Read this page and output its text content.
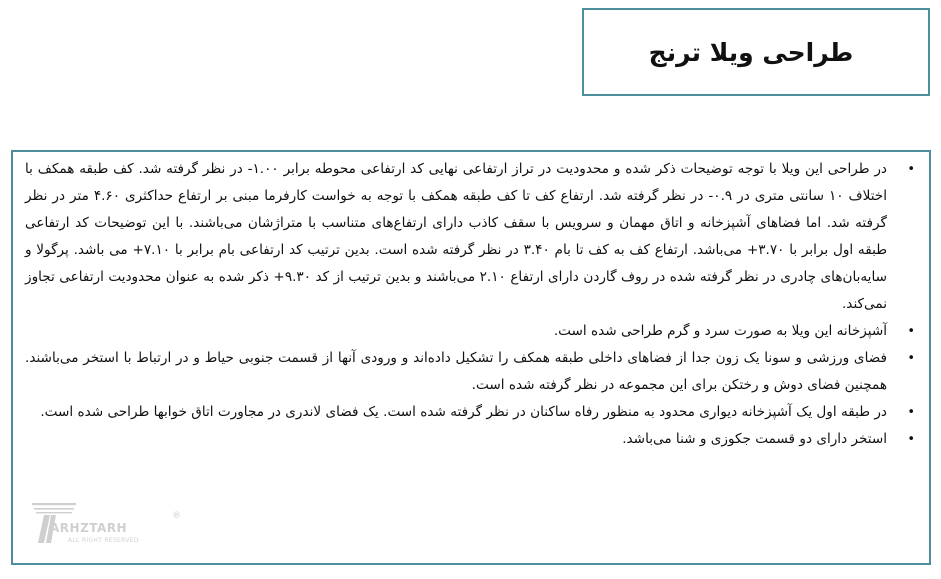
طراحی ویلا ترنج
•
در طراحی این ویلا با توجه توضیحات ذکر شده و محدودیت در تراز ارتفاعی نهایی کد ارتفاعی محوطه برابر ۱.۰۰- در نظر گرفته شد. کف طبقه همکف با اختلاف ۱۰ سانتی متری در ۰.۹- در نظر گرفته شد. ارتفاع کف تا کف طبقه همکف با توجه به خواست کارفرما مبنی بر ارتفاع حداکثری ۴.۶۰ متر در نظر گرفته شد. اما فضاهای آشپزخانه و اتاق مهمان و سرویس با سقف کاذب دارای ارتفاع‌های متناسب با متراژشان می‌باشند. با این توضیحات کد ارتفاعی طبقه اول برابر با ۳.۷۰+ می‌باشد. ارتفاع کف به کف تا بام ۳.۴۰ در نظر گرفته شده است. بدین ترتیب کد ارتفاعی بام برابر با ۷.۱۰+ می باشد. پرگولا و سایه‌بان‌های چادری در نظر گرفته شده در روف گاردن دارای ارتفاع ۲.۱۰ می‌باشند و بدین ترتیب از کد ۹.۳۰+ ذکر شده به عنوان محدودیت ارتفاعی تجاوز نمی‌کند.
•
آشپزخانه این ویلا به صورت سرد و گرم طراحی شده است.
•
فضای ورزشی و سونا یک زون جدا از فضاهای داخلی طبقه همکف را تشکیل داده‌اند و ورودی آنها از قسمت جنوبی حیاط و در ارتباط با استخر می‌باشند. همچنین فضای دوش و رختکن برای این مجموعه در نظر گرفته شده است.
•
در طبقه اول یک آشپزخانه دیواری محدود به منظور رفاه ساکنان در نظر گرفته شده است. یک فضای لاندری در مجاورت اتاق خوابها طراحی شده است.
•
استخر دارای دو قسمت جکوزی و شنا می‌باشد.
ARHZTARH
®
ALL RIGHT RESERVED
